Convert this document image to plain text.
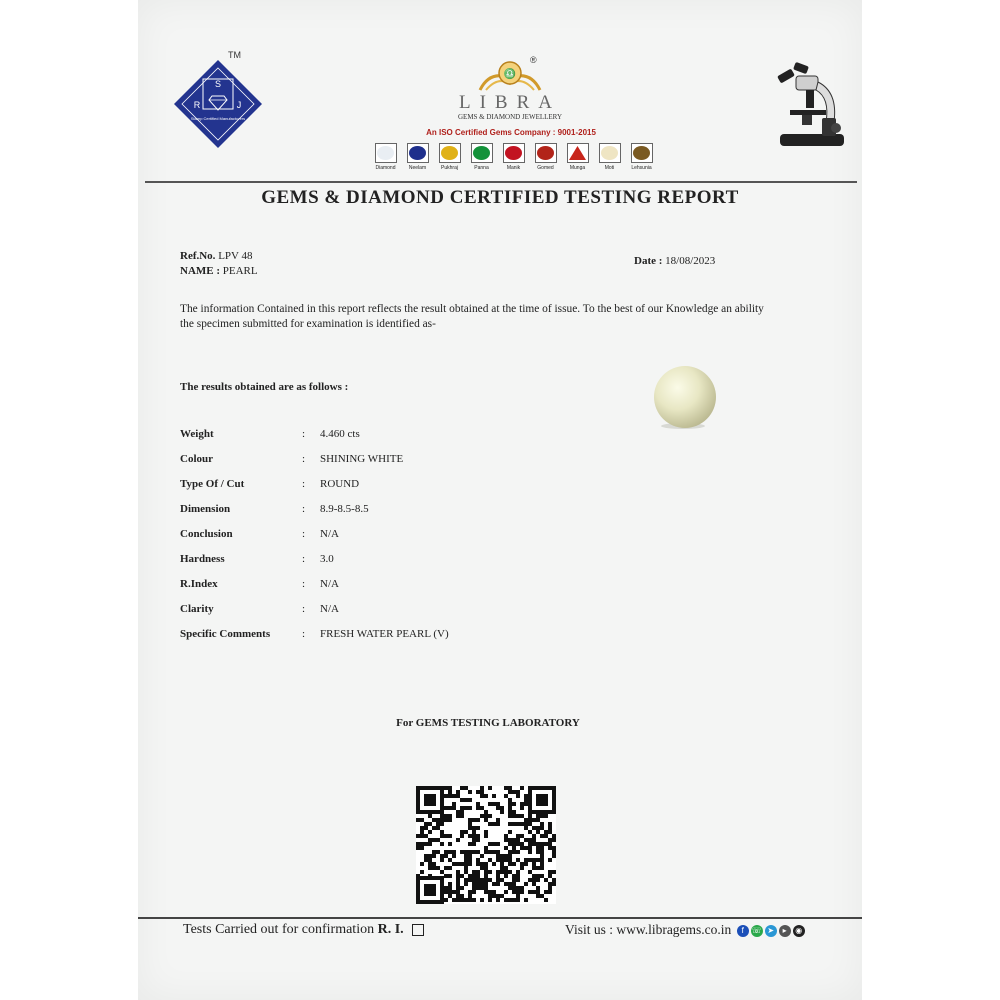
S
R	J
Stamp Certified Manufacturers
TM
♎
®
LIBRA
GEMS & DIAMOND JEWELLERY
An ISO Certified Gems Company : 9001-2015
Diamond	Neelam	Pukhraj	Panna	Manik	Gomed	Munga	Moti	Lehsunia
GEMS & DIAMOND CERTIFIED TESTING REPORT
Ref.No. LPV 48
NAME : PEARL
Date : 18/08/2023
The information Contained in this report reflects the result obtained at the time of issue. To the best of our Knowledge an ability the specimen submitted for examination is identified as-
The results obtained are as follows :
Weight	:	4.460 cts
Colour	:	SHINING WHITE
Type Of / Cut	:	ROUND
Dimension	:	8.9-8.5-8.5
Conclusion	:	N/A
Hardness	:	3.0
R.Index	:	N/A
Clarity	:	N/A
Specific Comments	:	FRESH WATER PEARL (V)
For GEMS TESTING LABORATORY
Tests Carried out for confirmation R. I.	Visit us : www.libragems.co.in	f ☏ ➤	▸	◉
